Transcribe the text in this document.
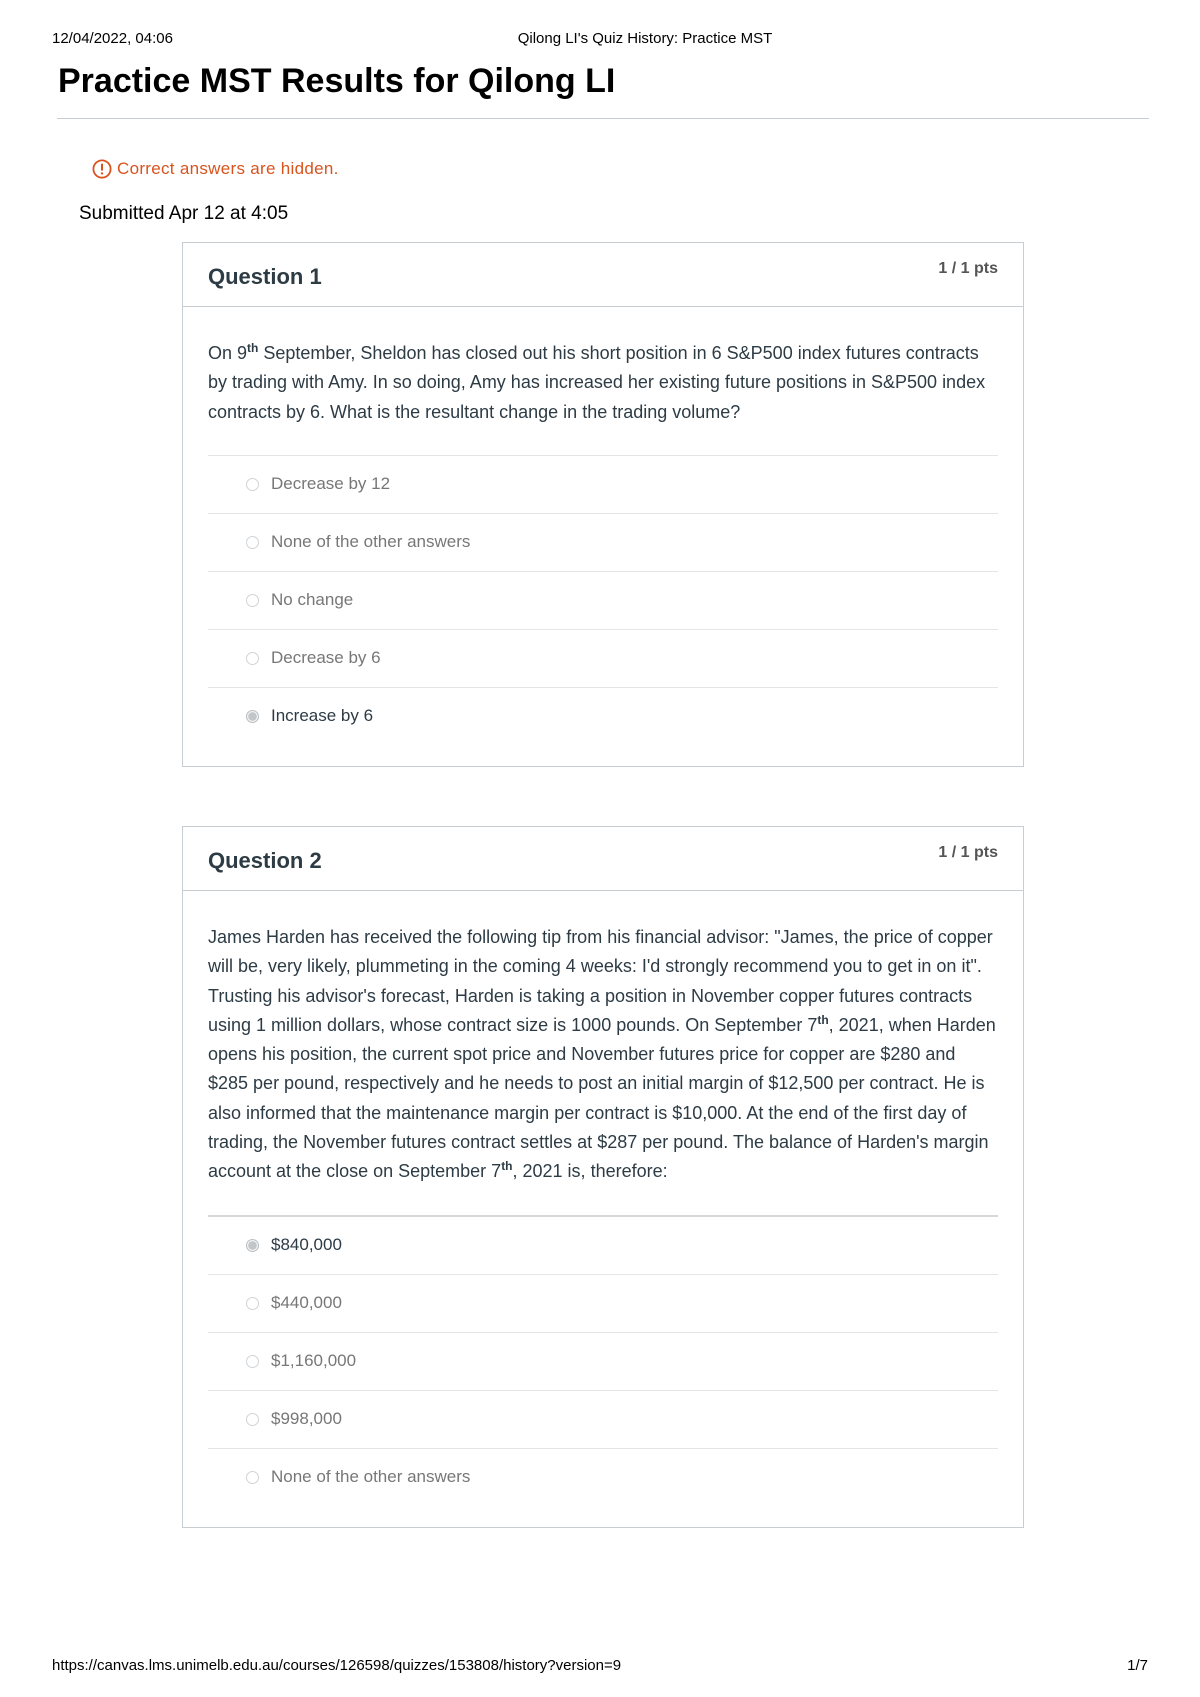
12/04/2022, 04:06	Qilong LI's Quiz History: Practice MST
Practice MST Results for Qilong LI
Correct answers are hidden.
Submitted Apr 12 at 4:05
Question 1	1 / 1 pts

On 9th September, Sheldon has closed out his short position in 6 S&P500 index futures contracts by trading with Amy. In so doing, Amy has increased her existing future positions in S&P500 index contracts by 6. What is the resultant change in the trading volume?

Decrease by 12
None of the other answers
No change
Decrease by 6
Increase by 6
Question 2	1 / 1 pts

James Harden has received the following tip from his financial advisor: "James, the price of copper will be, very likely, plummeting in the coming 4 weeks: I'd strongly recommend you to get in on it". Trusting his advisor's forecast, Harden is taking a position in November copper futures contracts using 1 million dollars, whose contract size is 1000 pounds. On September 7th, 2021, when Harden opens his position, the current spot price and November futures price for copper are $280 and $285 per pound, respectively and he needs to post an initial margin of $12,500 per contract. He is also informed that the maintenance margin per contract is $10,000. At the end of the first day of trading, the November futures contract settles at $287 per pound. The balance of Harden's margin account at the close on September 7th, 2021 is, therefore:

$840,000
$440,000
$1,160,000
$998,000
None of the other answers
https://canvas.lms.unimelb.edu.au/courses/126598/quizzes/153808/history?version=9	1/7
